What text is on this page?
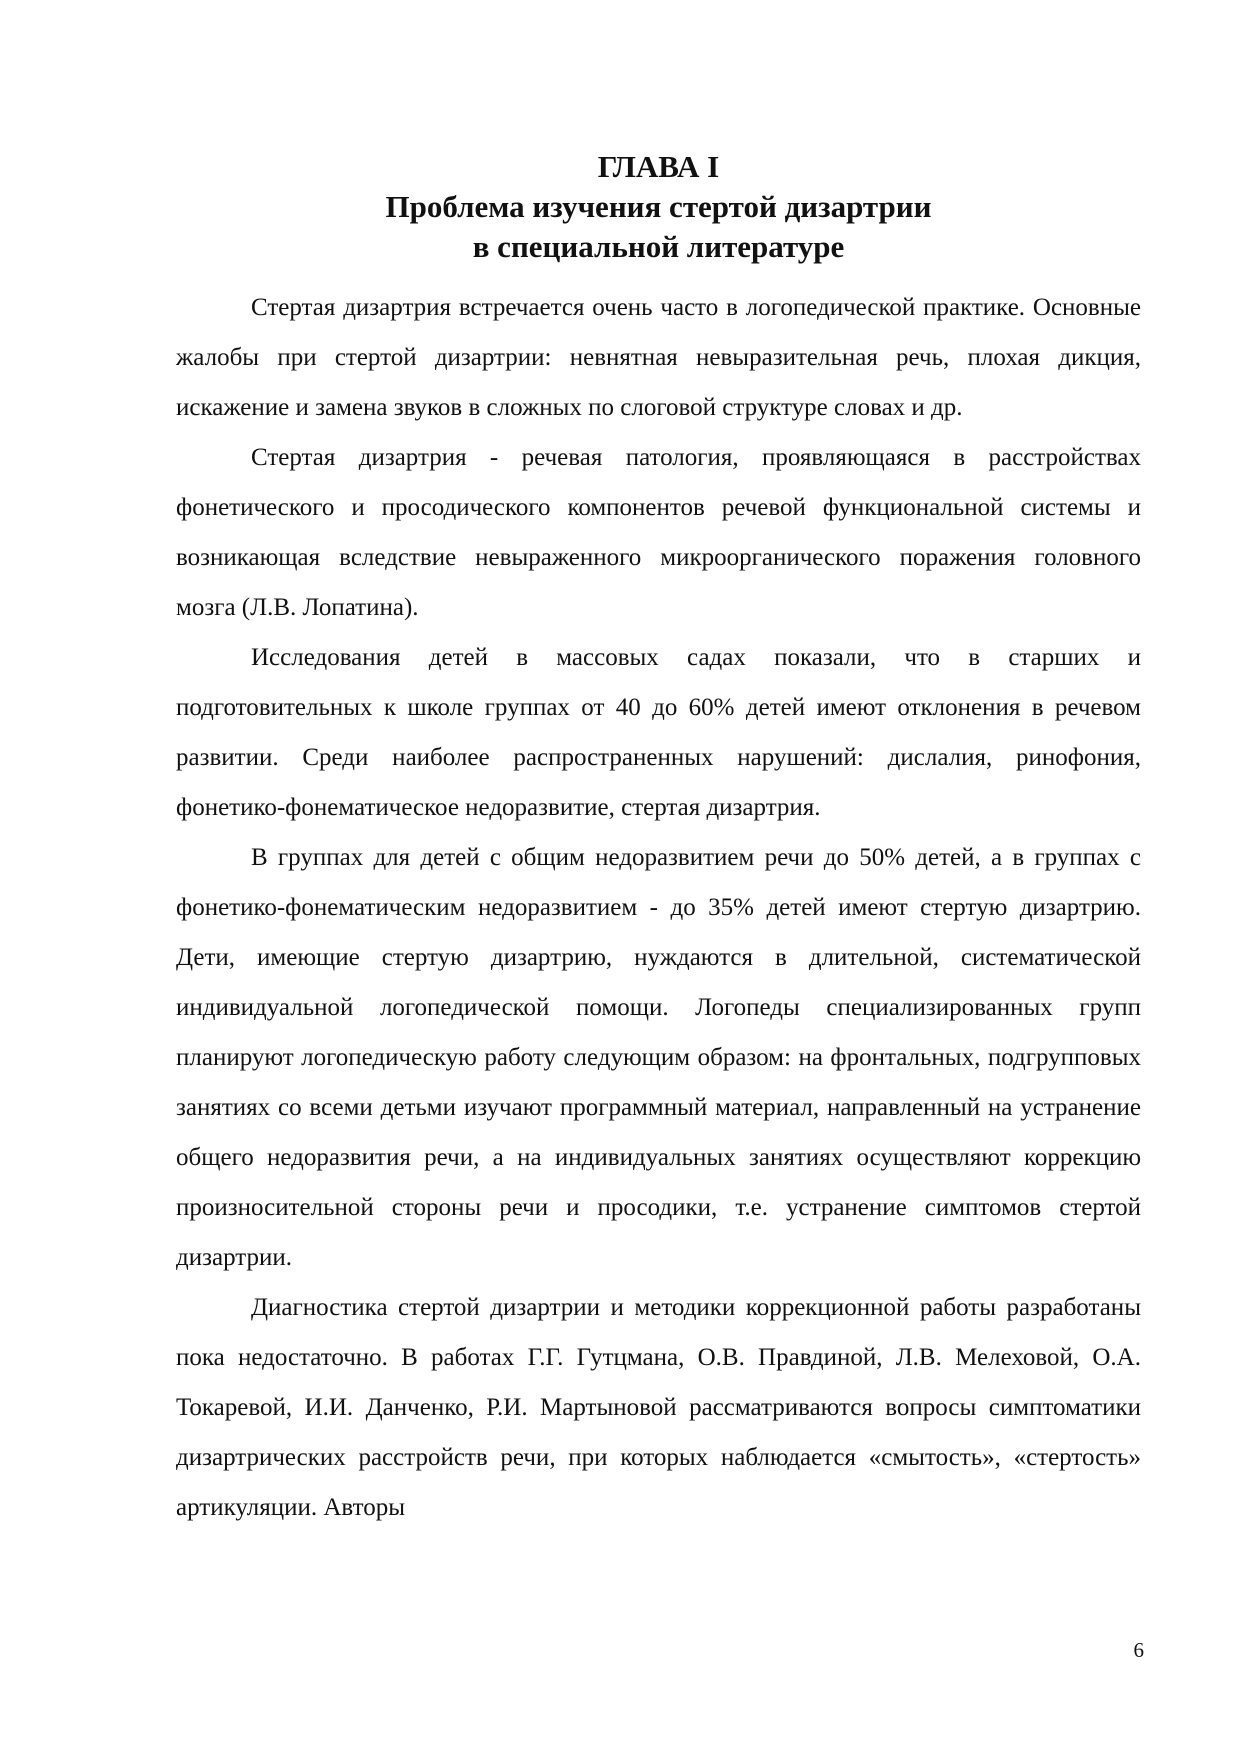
ГЛАВА I
Проблема изучения стертой дизартрии
в специальной литературе

Стертая дизартрия встречается очень часто в логопедической практике. Основные жалобы при стертой дизартрии: невнятная невыразительная речь, плохая дикция, искажение и замена звуков в сложных по слоговой структуре словах и др.

Стертая дизартрия - речевая патология, проявляющаяся в расстройствах фонетического и просодического компонентов речевой функциональной системы и возникающая вследствие невыраженного микроорганического поражения головного мозга (Л.В. Лопатина).

Исследования детей в массовых садах показали, что в старших и подготовительных к школе группах от 40 до 60% детей имеют отклонения в речевом развитии. Среди наиболее распространенных нарушений: дислалия, ринофония, фонетико-фонематическое недоразвитие, стертая дизартрия.

В группах для детей с общим недоразвитием речи до 50% детей, а в группах с фонетико-фонематическим недоразвитием - до 35% детей имеют стертую дизартрию. Дети, имеющие стертую дизартрию, нуждаются в длительной, систематической индивидуальной логопедической помощи. Логопеды специализированных групп планируют логопедическую работу следующим образом: на фронтальных, подгрупповых занятиях со всеми детьми изучают программный материал, направленный на устранение общего недоразвития речи, а на индивидуальных занятиях осуществляют коррекцию произносительной стороны речи и просодики, т.е. устранение симптомов стертой дизартрии.

Диагностика стертой дизартрии и методики коррекционной работы разработаны пока недостаточно. В работах Г.Г. Гутцмана, О.В. Правдиной, Л.В. Мелеховой, О.А. Токаревой, И.И. Данченко, Р.И. Мартыновой рассматриваются вопросы симптоматики дизартрических расстройств речи, при которых наблюдается «смытость», «стертость» артикуляции. Авторы

6
